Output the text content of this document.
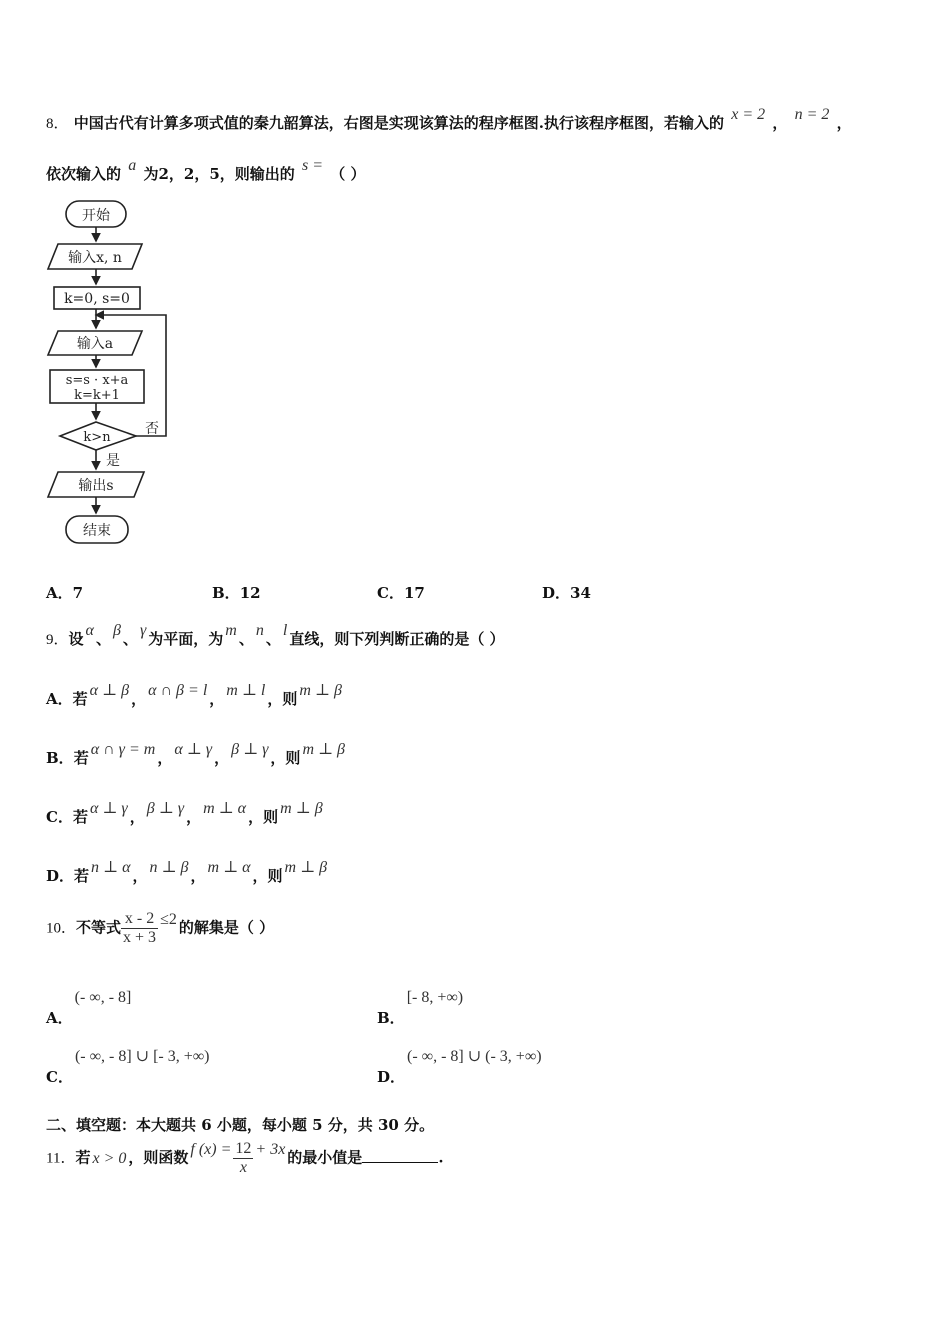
8． 中国古代有计算多项式值的秦九韶算法，右图是实现该算法的程序框图.执行该程序框图，若输入的 x = 2 ， n = 2 ，
依次输入的 a 为2，2，5，则输出的 s = （ ）
开始
输入x, n
k=0, s=0
输入a
s=s · x+a
k=k+1
k>n
否
是
输出s
结束
A．7	B．12	C．17	D．34
9．设 α 、 β 、 γ 为平面，为 m 、 n 、 l 直线，则下列判断正确的是（ ）
A．若 α ⊥ β ， α ∩ β = l ， m ⊥ l ，则 m ⊥ β
B．若 α ∩ γ = m ， α ⊥ γ ， β ⊥ γ ，则 m ⊥ β
C．若 α ⊥ γ ， β ⊥ γ ， m ⊥ α ，则 m ⊥ β
D．若 n ⊥ α ， n ⊥ β ， m ⊥ α ，则 m ⊥ β
10．不等式 $\frac{x - 2}{x + 3} \le 2$ 的解集是（ ）
A．(- ∞, - 8]
B．[- 8, +∞)
C．(- ∞, - 8] ∪ [- 3, +∞)
D．(- ∞, - 8] ∪ (- 3, +∞)
二、填空题：本大题共 6 小题，每小题 5 分，共 30 分。
11．若 x > 0 ，则函数 f $(x) = \frac{12}{x} + 3x$ 的最小值是	.
